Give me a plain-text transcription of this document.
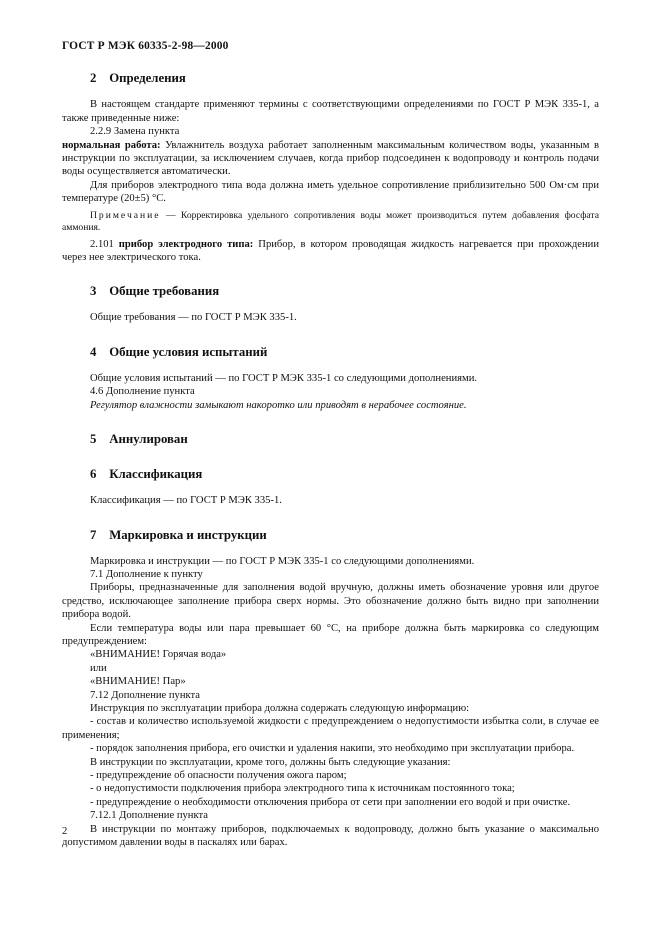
ГОСТ Р МЭК 60335-2-98—2000
2 Определения

В настоящем стандарте применяют термины с соответствующими определениями по ГОСТ Р МЭК 335-1, а также приведенные ниже:

2.2.9 Замена пункта

нормальная работа: Увлажнитель воздуха работает заполненным максимальным количеством воды, указанным в инструкции по эксплуатации, за исключением случаев, когда прибор подсоединен к водопроводу и контроль подачи воды осуществляется автоматически.

Для приборов электродного типа вода должна иметь удельное сопротивление приблизительно 500 Ом·см при температуре (20±5) °С.

Примечание — Корректировка удельного сопротивления воды может производиться путем добавления фосфата аммония.

2.101 прибор электродного типа: Прибор, в котором проводящая жидкость нагревается при прохождении через нее электрического тока.

3 Общие требования

Общие требования — по ГОСТ Р МЭК 335-1.

4 Общие условия испытаний

Общие условия испытаний — по ГОСТ Р МЭК 335-1 со следующими дополнениями.

4.6 Дополнение пункта

Регулятор влажности замыкают накоротко или приводят в нерабочее состояние.

5 Аннулирован
6 Классификация

Классификация — по ГОСТ Р МЭК 335-1.

7 Маркировка и инструкции

Маркировка и инструкции — по ГОСТ Р МЭК 335-1 со следующими дополнениями.

7.1 Дополнение к пункту

Приборы, предназначенные для заполнения водой вручную, должны иметь обозначение уровня или другое средство, исключающее заполнение прибора сверх нормы. Это обозначение должно быть видно при заполнении прибора водой.

Если температура воды или пара превышает 60 °С, на приборе должна быть маркировка со следующим предупреждением:

«ВНИМАНИЕ! Горячая вода»

или

«ВНИМАНИЕ! Пар»

7.12 Дополнение пункта

Инструкция по эксплуатации прибора должна содержать следующую информацию:

- состав и количество используемой жидкости с предупреждением о недопустимости избытка соли, в случае ее применения;

- порядок заполнения прибора, его очистки и удаления накипи, это необходимо при эксплуатации прибора.

В инструкции по эксплуатации, кроме того, должны быть следующие указания:

- предупреждение об опасности получения ожога паром;

- о недопустимости подключения прибора электродного типа к источникам постоянного тока;

- предупреждение о необходимости отключения прибора от сети при заполнении его водой и при очистке.

7.12.1 Дополнение пункта

В инструкции по монтажу приборов, подключаемых к водопроводу, должно быть указание о максимально допустимом давлении воды в паскалях или барах.

2
